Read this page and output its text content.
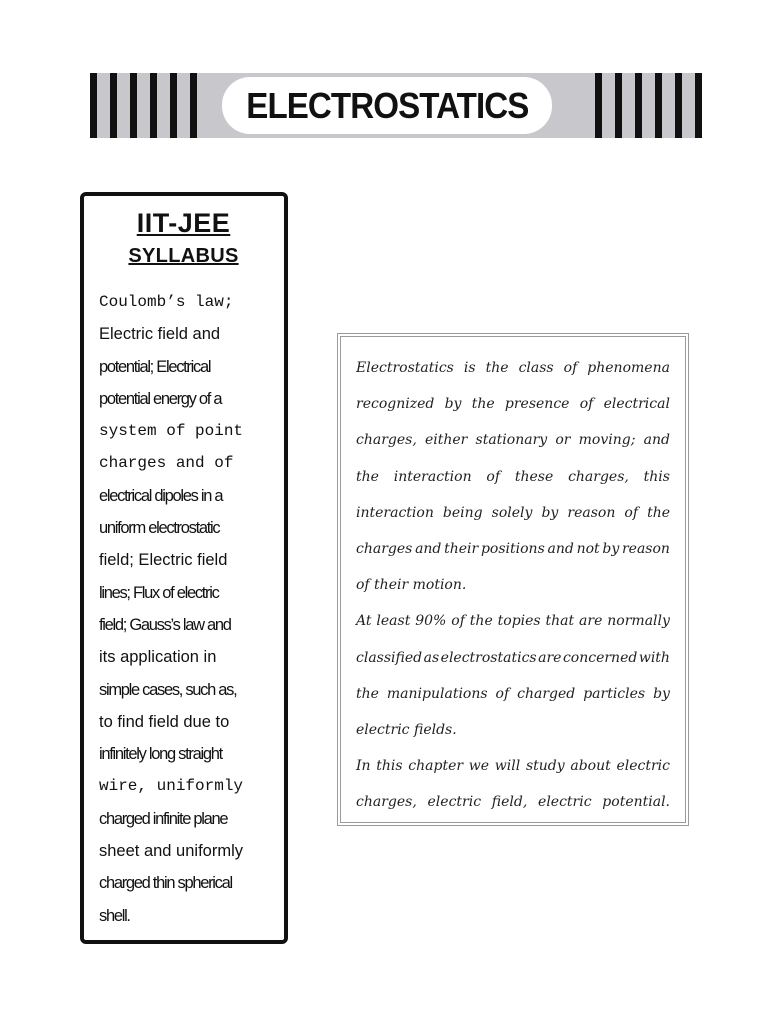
ELECTROSTATICS
IIT-JEE
SYLLABUS
Coulomb’s law;
Electric field and
potential; Electrical
potential energy of a
system of point
charges and of
electrical dipoles in a
uniform electrostatic
field; Electric field
lines; Flux of electric
field; Gauss’s law and
its application in
simple cases, such as,
to find field due to
infinitely long straight
wire, uniformly
charged infinite plane
sheet and uniformly
charged thin spherical
shell.
Electrostatics is the class of phenomena
recognized by the presence of electrical
charges, either stationary or moving; and
the interaction of these charges, this
interaction being solely by reason of the
charges and their positions and not by reason
of their motion.
At least 90% of the topies that are normally
classified as electrostatics are concerned with
the manipulations of charged particles by
electric fields.
In this chapter we will study about electric
charges, electric field, electric potential.
